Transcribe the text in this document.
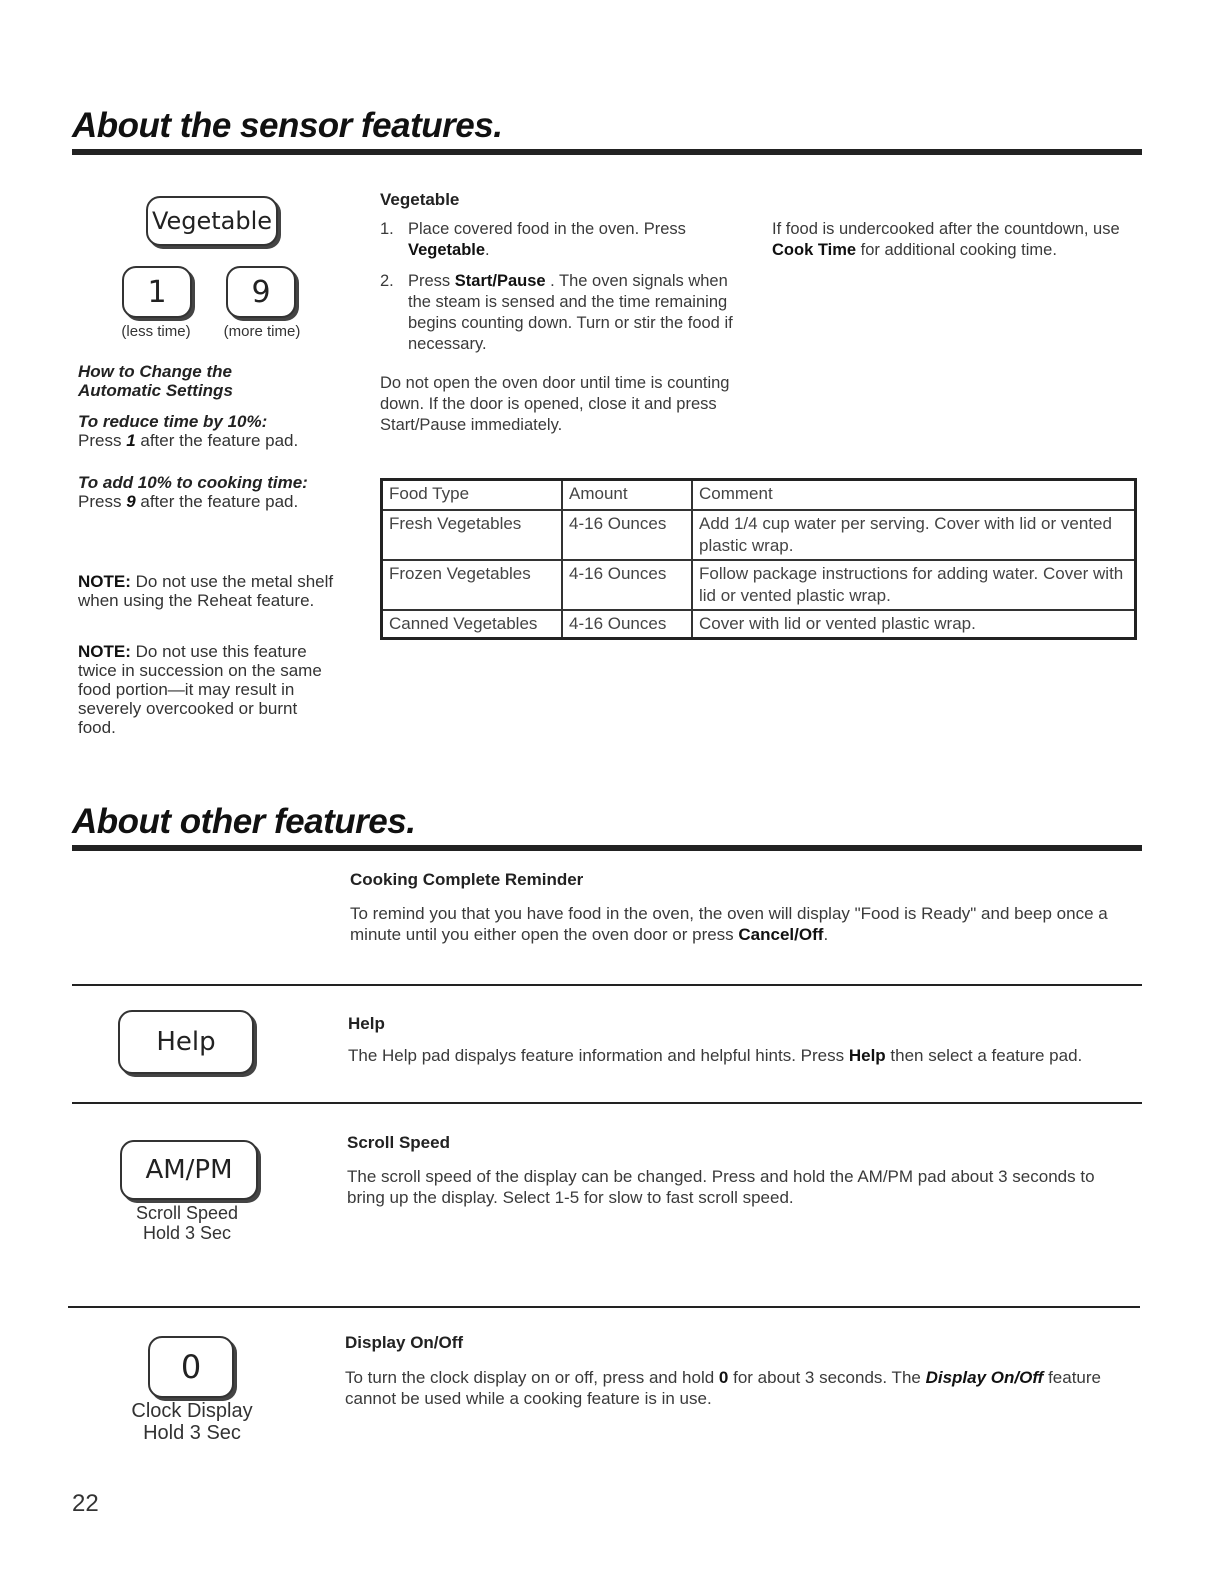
About the sensor features.
Vegetable
1	9
(less time)	(more time)
How to Change the Automatic Settings
To reduce time by 10%:
Press 1 after the feature pad.
To add 10% to cooking time:
Press 9 after the feature pad.
NOTE: Do not use the metal shelf when using the Reheat feature.
NOTE: Do not use this feature twice in succession on the same food portion—it may result in severely overcooked or burnt food.
Vegetable
1. Place covered food in the oven. Press Vegetable.
2. Press Start/Pause . The oven signals when the steam is sensed and the time remaining begins counting down. Turn or stir the food if necessary.
Do not open the oven door until time is counting down. If the door is opened, close it and press Start/Pause immediately.
If food is undercooked after the countdown, use Cook Time for additional cooking time.
Food Type	Amount	Comment
Fresh Vegetables	4-16 Ounces	Add 1/4 cup water per serving. Cover with lid or vented plastic wrap.
Frozen Vegetables	4-16 Ounces	Follow package instructions for adding water. Cover with lid or vented plastic wrap.
Canned Vegetables	4-16 Ounces	Cover with lid or vented plastic wrap.
About other features.
Cooking Complete Reminder
To remind you that you have food in the oven, the oven will display "Food is Ready" and beep once a minute until you either open the oven door or press Cancel/Off.
Help
Help
The Help pad dispalys feature information and helpful hints. Press Help then select a feature pad.
AM/PM
Scroll Speed
Hold 3 Sec
Scroll Speed
The scroll speed of the display can be changed. Press and hold the AM/PM pad about 3 seconds to bring up the display. Select 1-5 for slow to fast scroll speed.
0
Clock Display
Hold 3 Sec
Display On/Off
To turn the clock display on or off, press and hold 0 for about 3 seconds. The Display On/Off feature cannot be used while a cooking feature is in use.
22
